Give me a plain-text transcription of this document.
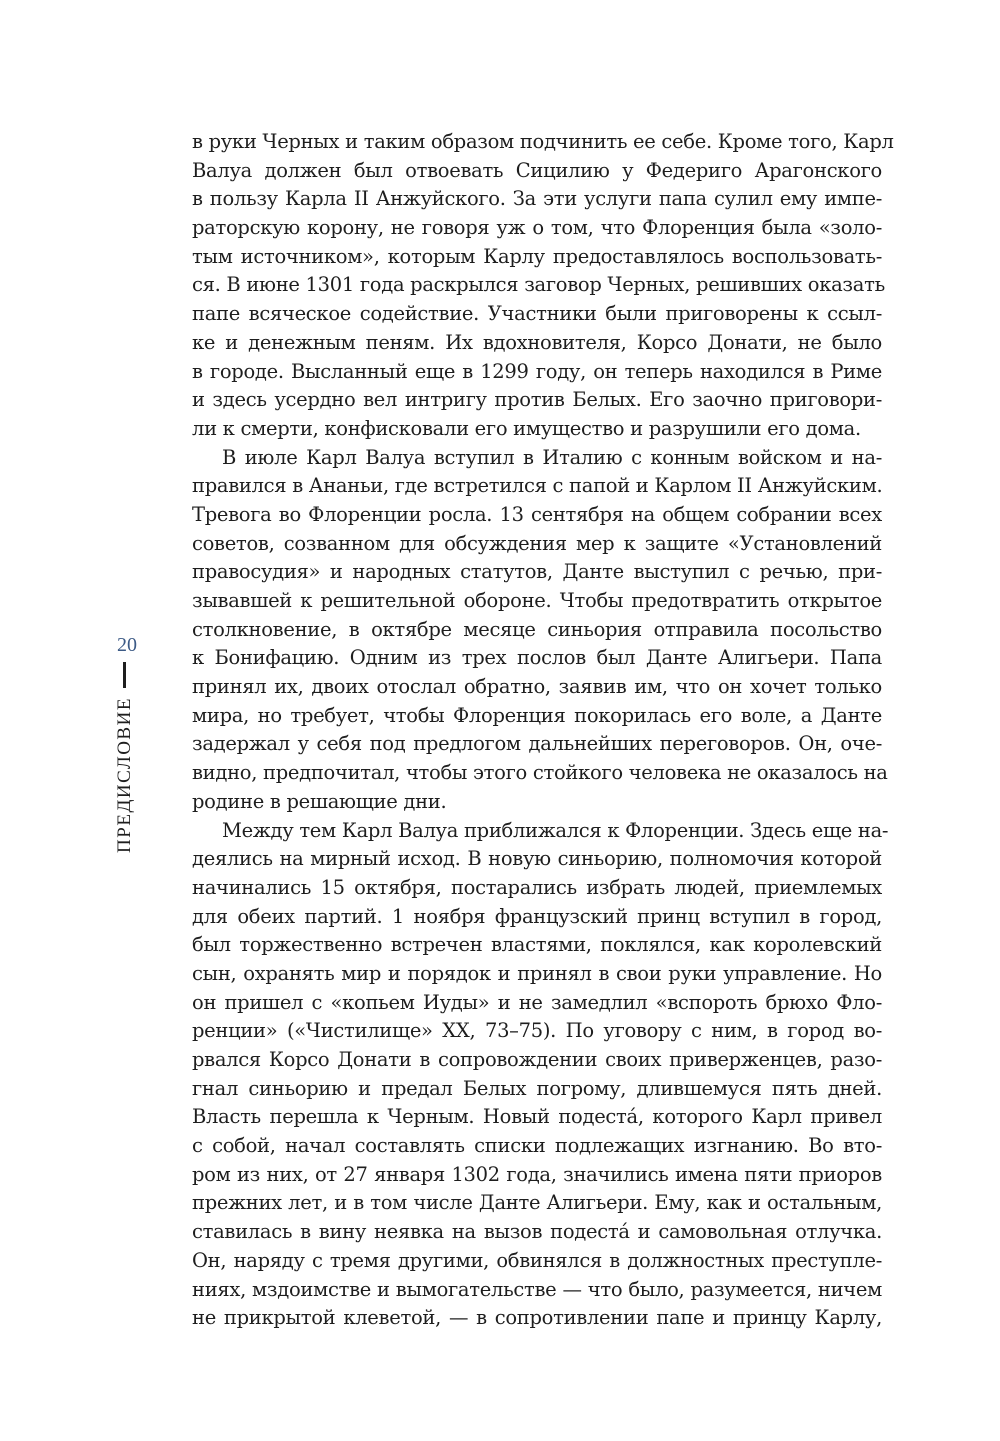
20
ПРЕДИСЛОВИЕ
в руки Черных и таким образом подчинить ее себе. Кроме того, Карл
Валуа должен был отвоевать Сицилию у Федериго Арагонского
в пользу Карла II Анжуйского. За эти услуги папа сулил ему импе-
раторскую корону, не говоря уж о том, что Флоренция была «золо-
тым источником», которым Карлу предоставлялось воспользовать-
ся. В июне 1301 года раскрылся заговор Черных, решивших оказать
папе всяческое содействие. Участники были приговорены к ссыл-
ке и денежным пеням. Их вдохновителя, Корсо Донати, не было
в городе. Высланный еще в 1299 году, он теперь находился в Риме
и здесь усердно вел интригу против Белых. Его заочно приговори-
ли к смерти, конфисковали его имущество и разрушили его дома.
В июле Карл Валуа вступил в Италию с конным войском и на-
правился в Ананьи, где встретился с папой и Карлом II Анжуйским.
Тревога во Флоренции росла. 13 сентября на общем собрании всех
советов, созванном для обсуждения мер к защите «Установлений
правосудия» и народных статутов, Данте выступил с речью, при-
зывавшей к решительной обороне. Чтобы предотвратить открытое
столкновение, в октябре месяце синьория отправила посольство
к Бонифацию. Одним из трех послов был Данте Алигьери. Папа
принял их, двоих отослал обратно, заявив им, что он хочет только
мира, но требует, чтобы Флоренция покорилась его воле, а Данте
задержал у себя под предлогом дальнейших переговоров. Он, оче-
видно, предпочитал, чтобы этого стойкого человека не оказалось на
родине в решающие дни.
Между тем Карл Валуа приближался к Флоренции. Здесь еще на-
деялись на мирный исход. В новую синьорию, полномочия которой
начинались 15 октября, постарались избрать людей, приемлемых
для обеих партий. 1 ноября французский принц вступил в город,
был торжественно встречен властями, поклялся, как королевский
сын, охранять мир и порядок и принял в свои руки управление. Но
он пришел с «копьем Иуды» и не замедлил «вспороть брюхо Фло-
ренции» («Чистилище» XX, 73–75). По уговору с ним, в город во-
рвался Корсо Донати в сопровождении своих приверженцев, разо-
гнал синьорию и предал Белых погрому, длившемуся пять дней.
Власть перешла к Черным. Новый подеста́, которого Карл привел
с собой, начал составлять списки подлежащих изгнанию. Во вто-
ром из них, от 27 января 1302 года, значились имена пяти приоров
прежних лет, и в том числе Данте Алигьери. Ему, как и остальным,
ставилась в вину неявка на вызов подеста́ и самовольная отлучка.
Он, наряду с тремя другими, обвинялся в должностных преступле-
ниях, мздоимстве и вымогательстве — что было, разумеется, ничем
не прикрытой клеветой, — в сопротивлении папе и принцу Карлу,
